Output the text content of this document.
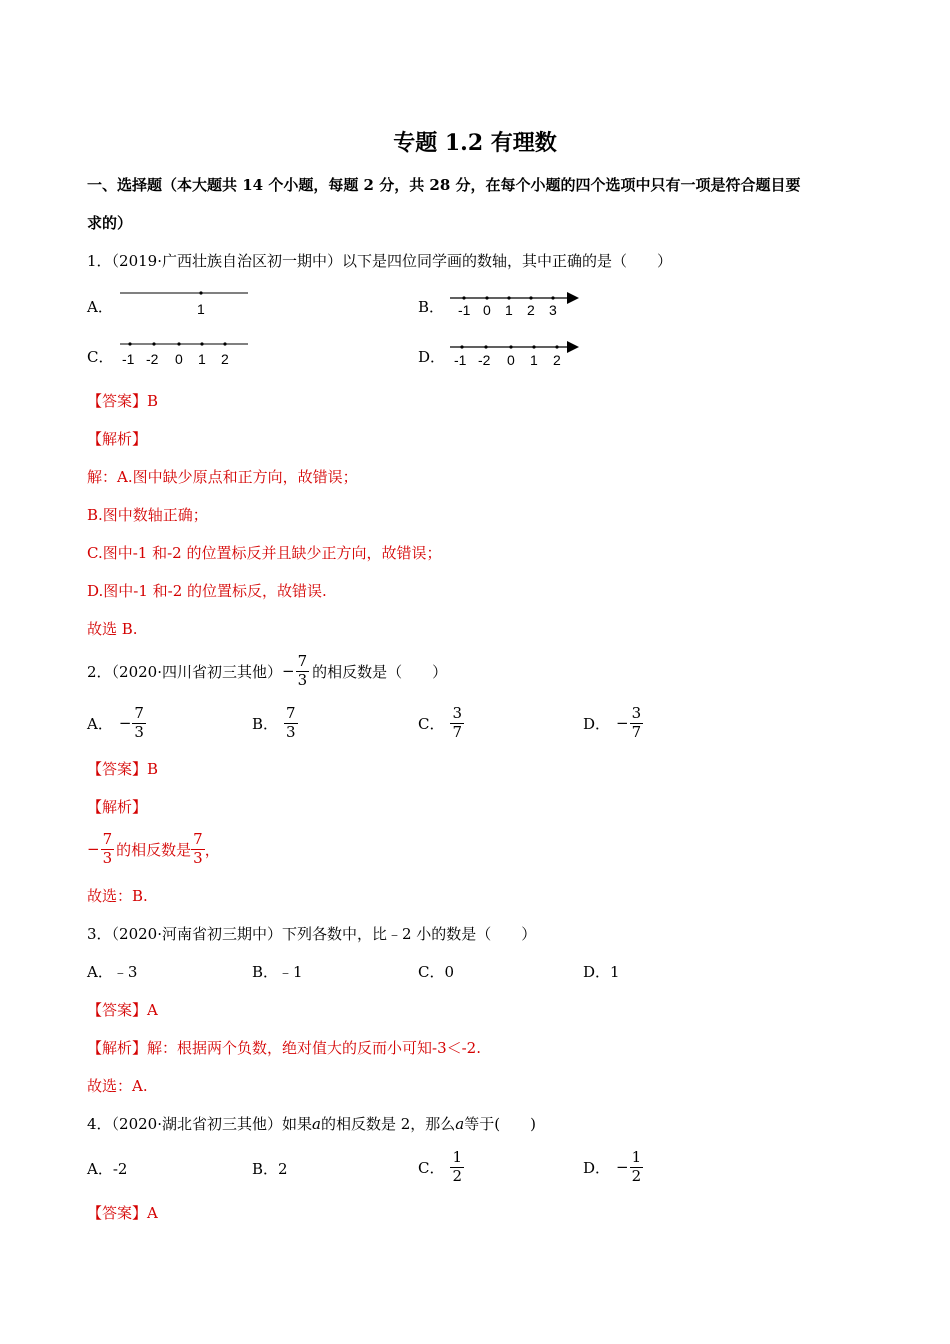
专题 1.2 有理数
一、选择题（本大题共 14 个小题，每题 2 分，共 28 分，在每个小题的四个选项中只有一项是符合题目要
求的）
1．（2019·广西壮族自治区初一期中）以下是四位同学画的数轴，其中正确的是（　　）
A．	1	B． -1 0 1 2 3
C． -1 -2 0 1 2	D． -1 -2 0 1 2
【答案】B
【解析】
解：A.图中缺少原点和正方向，故错误；
B.图中数轴正确；
C.图中-1 和-2 的位置标反并且缺少正方向，故错误；
D.图中-1 和-2 的位置标反，故错误.
故选 B.
2．（2020·四川省初三其他） − $\frac{7}{3}$ 的相反数是（　　）
A． − $\frac{7}{3}$	B． $\frac{7}{3}$	C． $\frac{3}{7}$	D． − $\frac{3}{7}$
【答案】B
【解析】
− $\frac{7}{3}$ 的相反数是 $\frac{7}{3}$ ，
故选：B.
3．（2020·河南省初三期中）下列各数中，比﹣2 小的数是（　　）
A．﹣3	B．﹣1	C．0	D．1
【答案】A
【解析】解：根据两个负数，绝对值大的反而小可知-3＜-2.
故选：A.
4．（2020·湖北省初三其他）如果a的相反数是 2，那么a等于(　　)
A．-2	B．2	C． $\frac{1}{2}$	D． − $\frac{1}{2}$
【答案】A
